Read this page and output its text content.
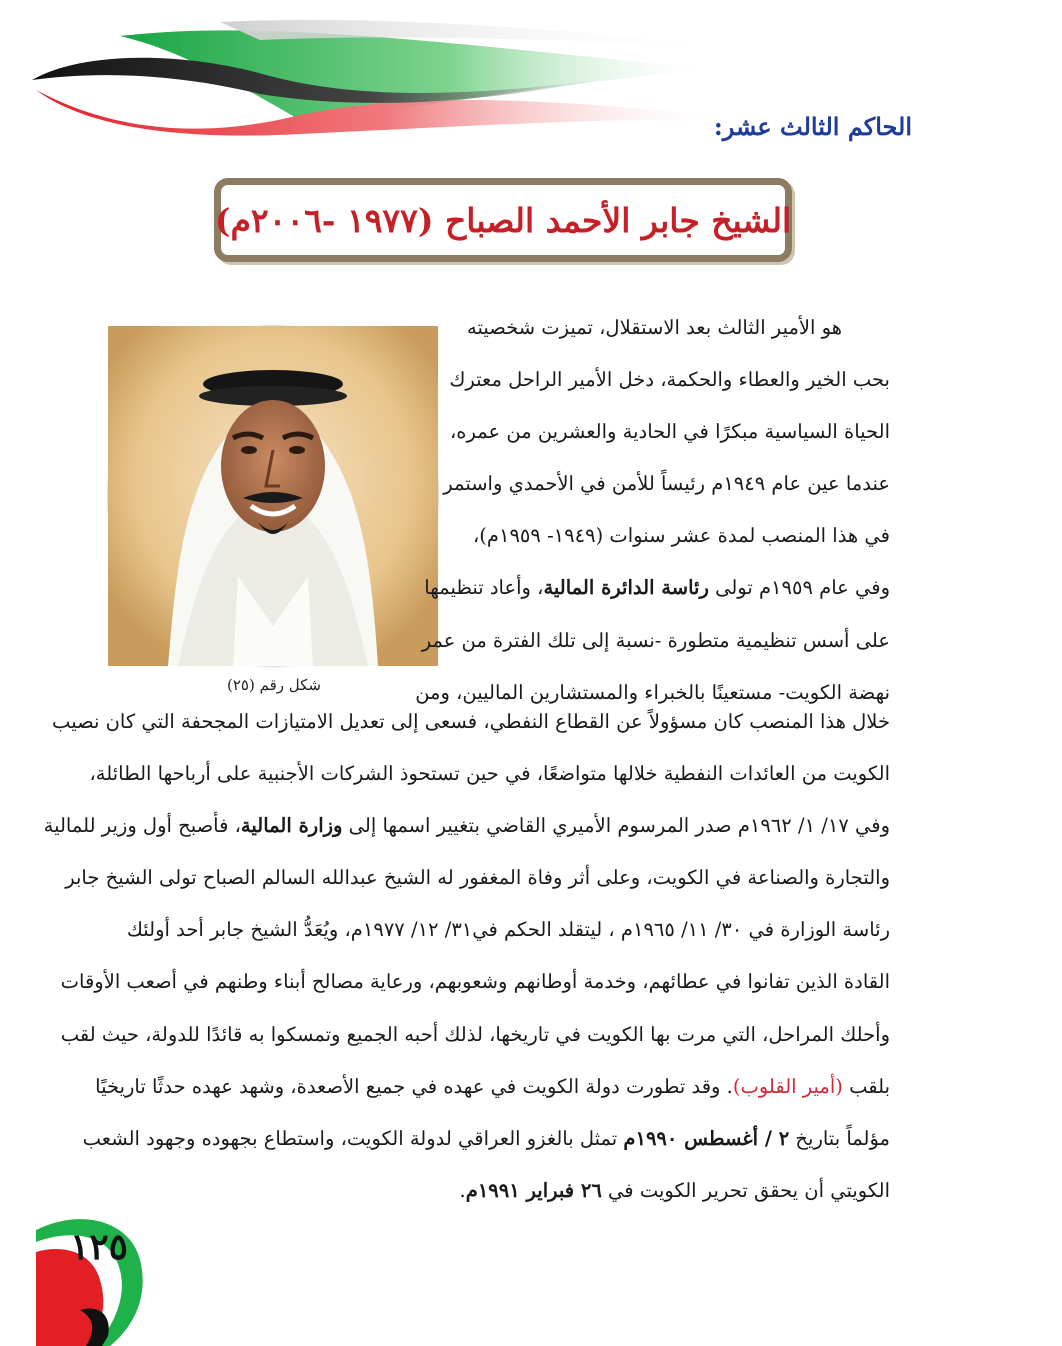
الحاكم الثالث عشر:
الشيخ جابر الأحمد الصباح (١٩٧٧ -٢٠٠٦م)
شكل رقم (٢٥)
هو الأمير الثالث بعد الاستقلال، تميزت شخصيته
بحب الخير والعطاء والحكمة، دخل الأمير الراحل معترك
الحياة السياسية مبكرًا في الحادية والعشرين من عمره،
عندما عين عام ١٩٤٩م رئيساً للأمن في الأحمدي واستمر
في هذا المنصب لمدة عشر سنوات (١٩٤٩- ١٩٥٩م)،
وفي عام ١٩٥٩م تولى رئاسة الدائرة المالية، وأعاد تنظيمها
على أسس تنظيمية متطورة -نسبة إلى تلك الفترة من عمر
نهضة الكويت- مستعينًا بالخبراء والمستشارين الماليين، ومن
خلال هذا المنصب كان مسؤولاً عن القطاع النفطي، فسعى إلى تعديل الامتيازات المجحفة التي كان نصيب
الكويت من العائدات النفطية خلالها متواضعًا، في حين تستحوذ الشركات الأجنبية على أرباحها الطائلة،
وفي ١٧/ ١/ ١٩٦٢م صدر المرسوم الأميري القاضي بتغيير اسمها إلى وزارة المالية، فأصبح أول وزير للمالية
والتجارة والصناعة في الكويت، وعلى أثر وفاة المغفور له الشيخ عبدالله السالم الصباح تولى الشيخ جابر
رئاسة الوزارة في ٣٠/ ١١/ ١٩٦٥م ، ليتقلد الحكم في٣١/ ١٢/ ١٩٧٧م، ويُعَدُّ الشيخ جابر أحد أولئك
القادة الذين تفانوا في عطائهم، وخدمة أوطانهم وشعوبهم، ورعاية مصالح أبناء وطنهم في أصعب الأوقات
وأحلك المراحل، التي مرت بها الكويت في تاريخها، لذلك أحبه الجميع وتمسكوا به قائدًا للدولة، حيث لقب
بلقب (أمير القلوب). وقد تطورت دولة الكويت في عهده في جميع الأصعدة، وشهد عهده حدثًا تاريخيًا
مؤلماً بتاريخ ٢ / أغسطس ١٩٩٠م تمثل بالغزو العراقي لدولة الكويت، واستطاع بجهوده وجهود الشعب
الكويتي أن يحقق تحرير الكويت في ٢٦ فبراير ١٩٩١م.
١٢٥
